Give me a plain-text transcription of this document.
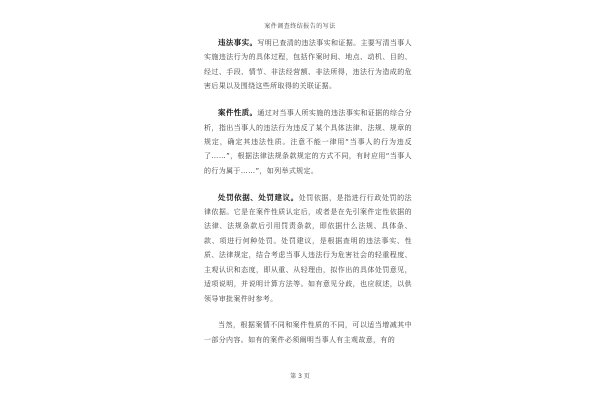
案件调查终结报告的写法

违法事实。写明已查清的违法事实和证据。主要写清当事人实施违法行为的具体过程，包括作案时间、地点、动机、目的、经过、手段、情节、非法经营额、非法所得，违法行为造成的危害后果以及围绕这些所取得的关联证据。

案件性质。通过对当事人所实施的违法事实和证据的综合分析，指出当事人的违法行为违反了某个具体法律、法规、规章的规定，确定其违法性质。注意不能一律用“当事人的行为违反了……”，根据法律法规条款规定的方式不同，有时应用“当事人的行为属于……”，如列举式规定。

处罚依据、处罚建议。处罚依据，是指进行行政处罚的法律依据。它是在案件性质认定后，或者是在先引案件定性依据的法律、法规条款后引用罚责条款，即依据什么法规、具体条、款、项进行何种处罚。处罚建议，是根据查明的违法事实、性质、法律规定，结合考虑当事人违法行为危害社会的轻重程度、主观认识和态度，即从重、从轻理由，拟作出的具体处罚意见，适项说明，并说明计算方法等。如有意见分歧，也应叙述，以供领导审批案件时参考。

当然，根据案情不同和案件性质的不同，可以适当增减其中一部分内容。如有的案件必须阐明当事人有主观故意，有的

第 3 页
